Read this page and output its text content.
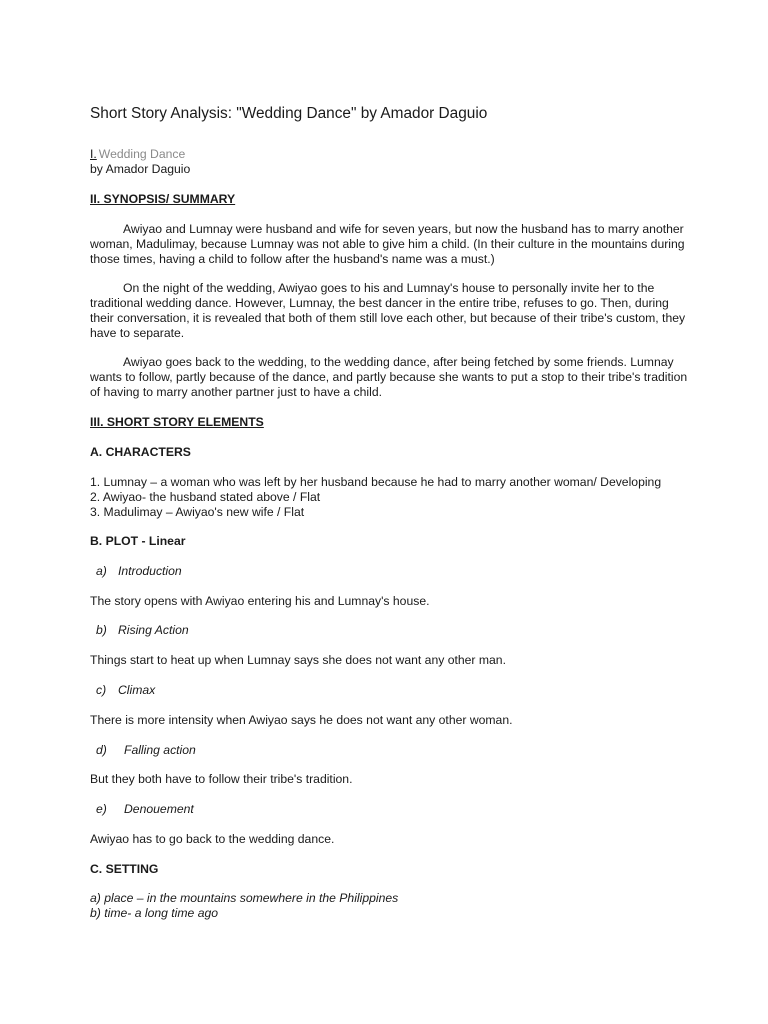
Short Story Analysis: "Wedding Dance" by Amador Daguio
I. Wedding Dance
by Amador Daguio
II. SYNOPSIS/ SUMMARY
Awiyao and Lumnay were husband and wife for seven years, but now the husband has to marry another woman, Madulimay, because Lumnay was not able to give him a child. (In their culture in the mountains during those times, having a child to follow after the husband's name was a must.)
On the night of the wedding, Awiyao goes to his and Lumnay's house to personally invite her to the traditional wedding dance. However, Lumnay, the best dancer in the entire tribe, refuses to go. Then, during their conversation, it is revealed that both of them still love each other, but because of their tribe's custom, they have to separate.
Awiyao goes back to the wedding, to the wedding dance, after being fetched by some friends. Lumnay wants to follow, partly because of the dance, and partly because she wants to put a stop to their tribe's tradition of having to marry another partner just to have a child.
III. SHORT STORY ELEMENTS
A. CHARACTERS
1. Lumnay – a woman who was left by her husband because he had to marry another woman/ Developing
2. Awiyao- the husband stated above / Flat
3. Madulimay – Awiyao's new wife / Flat
B. PLOT - Linear
a) Introduction
The story opens with Awiyao entering his and Lumnay's house.
b) Rising Action
Things start to heat up when Lumnay says she does not want any other man.
c) Climax
There is more intensity when Awiyao says he does not want any other woman.
d) Falling action
But they both have to follow their tribe's tradition.
e) Denouement
Awiyao has to go back to the wedding dance.
C. SETTING
a) place – in the mountains somewhere in the Philippines
b) time- a long time ago
